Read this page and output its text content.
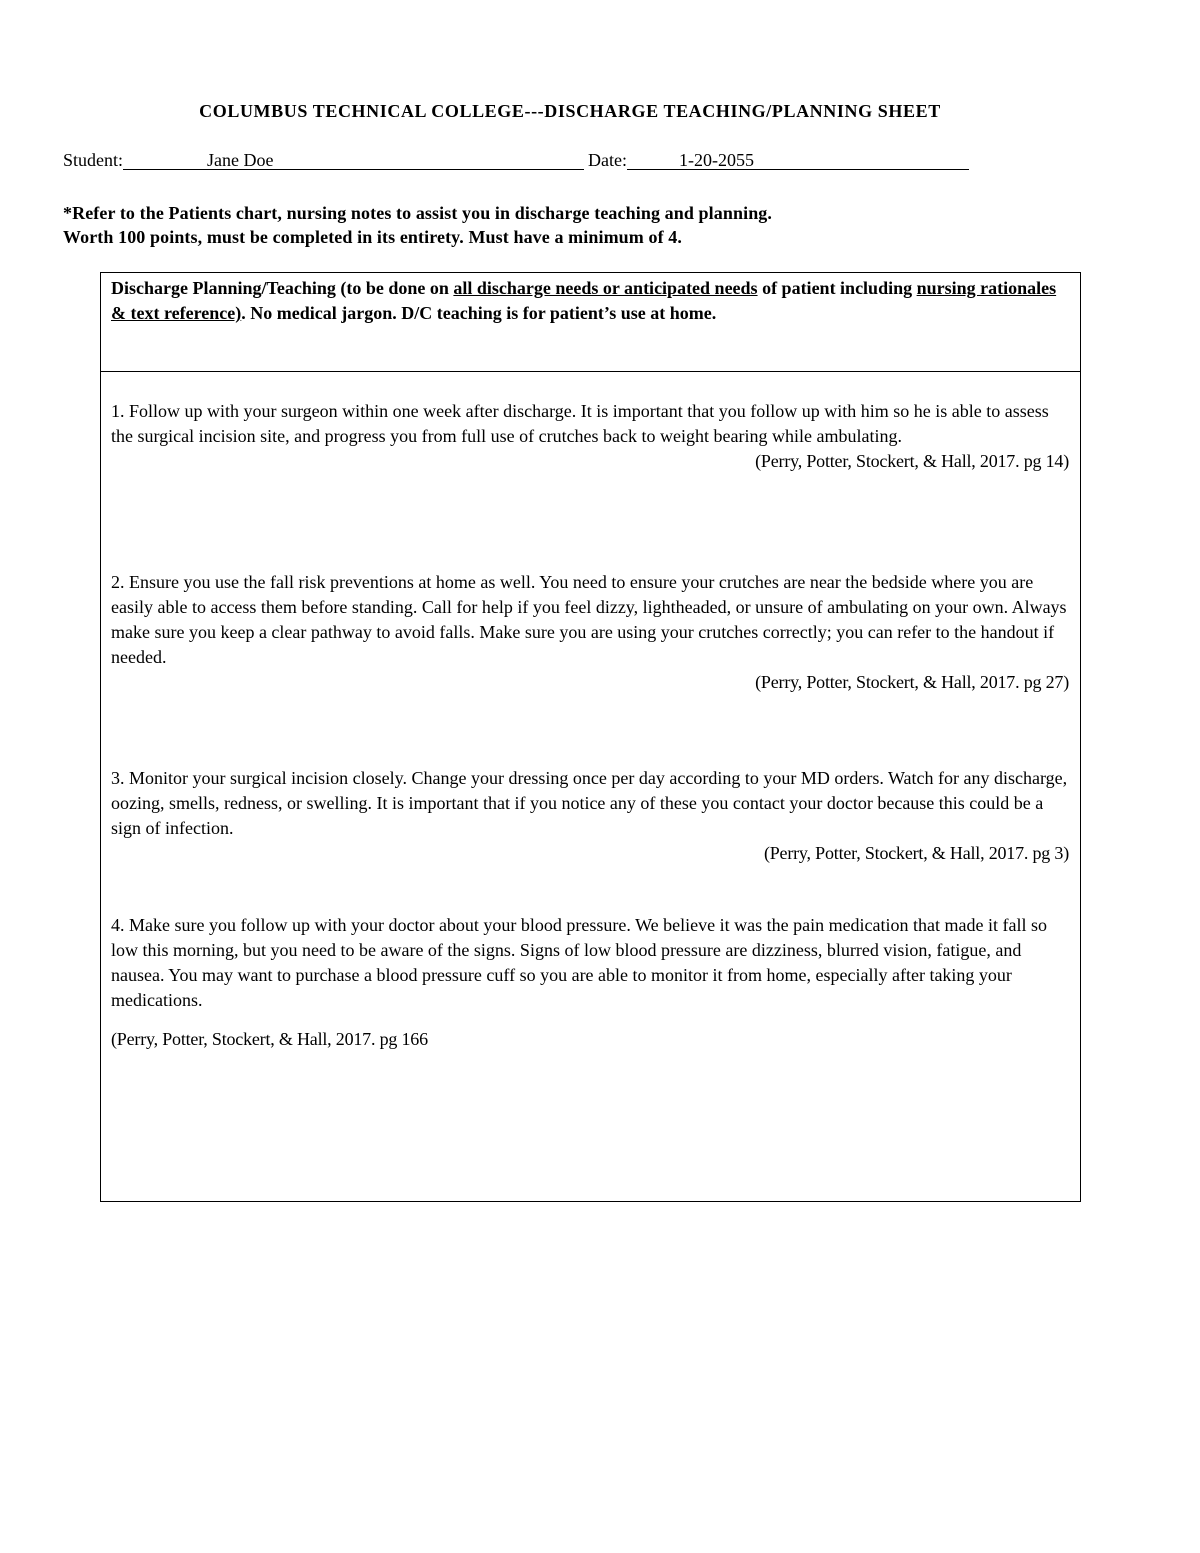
COLUMBUS TECHNICAL COLLEGE---DISCHARGE TEACHING/PLANNING SHEET
Student:	Jane Doe	Date:	1-20-2055
*Refer to the Patients chart, nursing notes to assist you in discharge teaching and planning.
Worth 100 points, must be completed in its entirety. Must have a minimum of 4.
Discharge Planning/Teaching (to be done on all discharge needs or anticipated needs of patient including nursing rationales & text reference). No medical jargon. D/C teaching is for patient’s use at home.
1. Follow up with your surgeon within one week after discharge. It is important that you follow up with him so he is able to assess the surgical incision site, and progress you from full use of crutches back to weight bearing while ambulating.
(Perry, Potter, Stockert, & Hall, 2017. pg 14)
2. Ensure you use the fall risk preventions at home as well. You need to ensure your crutches are near the bedside where you are easily able to access them before standing. Call for help if you feel dizzy, lightheaded, or unsure of ambulating on your own. Always make sure you keep a clear pathway to avoid falls. Make sure you are using your crutches correctly; you can refer to the handout if needed.
(Perry, Potter, Stockert, & Hall, 2017. pg 27)
3. Monitor your surgical incision closely. Change your dressing once per day according to your MD orders. Watch for any discharge, oozing, smells, redness, or swelling. It is important that if you notice any of these you contact your doctor because this could be a sign of infection.
(Perry, Potter, Stockert, & Hall, 2017. pg 3)
4. Make sure you follow up with your doctor about your blood pressure. We believe it was the pain medication that made it fall so low this morning, but you need to be aware of the signs. Signs of low blood pressure are dizziness, blurred vision, fatigue, and nausea. You may want to purchase a blood pressure cuff so you are able to monitor it from home, especially after taking your medications.
(Perry, Potter, Stockert, & Hall, 2017. pg 166
